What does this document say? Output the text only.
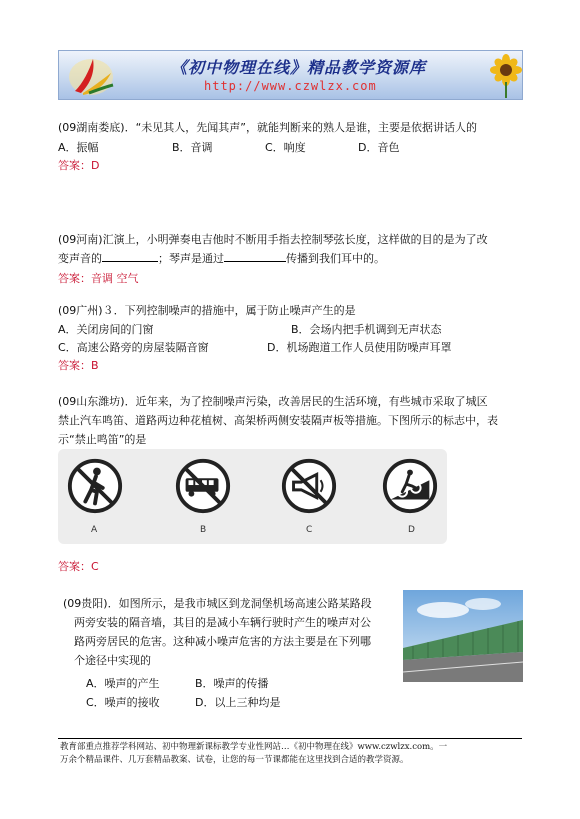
《初中物理在线》精品教学资源库
http://www.czwlzx.com
(09湖南娄底)．“未见其人，先闻其声”，就能判断来的熟人是谁，主要是依据讲话人的
A．振幅	B．音调	C．响度	D．音色
答案：D
(09河南)汇演上，小明弹奏电吉他时不断用手指去控制琴弦长度，这样做的目的是为了改
变声音的	；琴声是通过	传播到我们耳中的。
答案：音调 空气
(09广州)３．下列控制噪声的措施中，属于防止噪声产生的是
A．关闭房间的门窗	B．会场内把手机调到无声状态
C．高速公路旁的房屋装隔音窗	D．机场跑道工作人员使用防噪声耳罩
答案：B
(09山东潍坊)．近年来，为了控制噪声污染，改善居民的生活环境，有些城市采取了城区
禁止汽车鸣笛、道路两边种花植树、高架桥两侧安装隔声板等措施。下图所示的标志中，表
示“禁止鸣笛”的是
A	B	C	D
答案：C
(09贵阳)．如图所示，是我市城区到龙洞堡机场高速公路某路段
两旁安装的隔音墙，其目的是减小车辆行驶时产生的噪声对公
路两旁居民的危害。这种减小噪声危害的方法主要是在下列哪
个途径中实现的
A．噪声的产生	B．噪声的传播
C．噪声的接收	D．以上三种均是
教育部重点推荐学科网站、初中物理新课标教学专业性网站…《初中物理在线》www.czwlzx.com。一
万余个精品课件、几万套精品教案、试卷，让您的每一节课都能在这里找到合适的教学资源。
